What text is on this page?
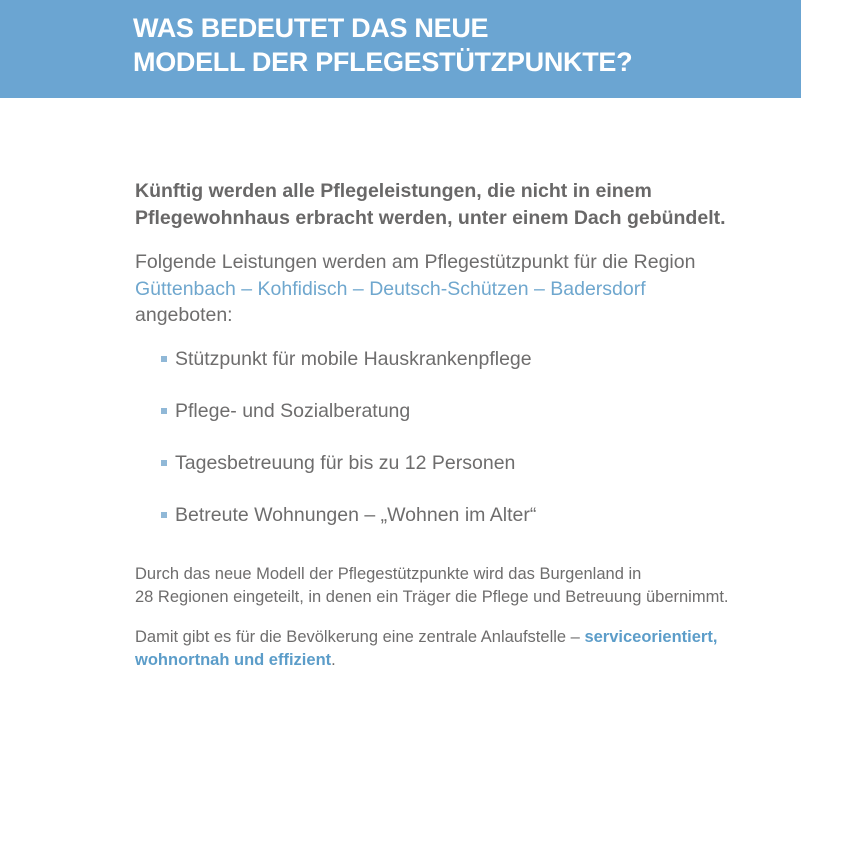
WAS BEDEUTET DAS NEUE
MODELL DER PFLEGESTÜTZPUNKTE?
Künftig werden alle Pflegeleistungen, die nicht in einem
Pflegewohnhaus erbracht werden, unter einem Dach gebündelt.
Folgende Leistungen werden am Pflegestützpunkt für die Region
Güttenbach – Kohfidisch – Deutsch-Schützen – Badersdorf
angeboten:
Stützpunkt für mobile Hauskrankenpflege
Pflege- und Sozialberatung
Tagesbetreuung für bis zu 12 Personen
Betreute Wohnungen – „Wohnen im Alter“
Durch das neue Modell der Pflegestützpunkte wird das Burgenland in
28 Regionen eingeteilt, in denen ein Träger die Pflege und Betreuung übernimmt.
Damit gibt es für die Bevölkerung eine zentrale Anlaufstelle – serviceorientiert,
wohnortnah und effizient.
